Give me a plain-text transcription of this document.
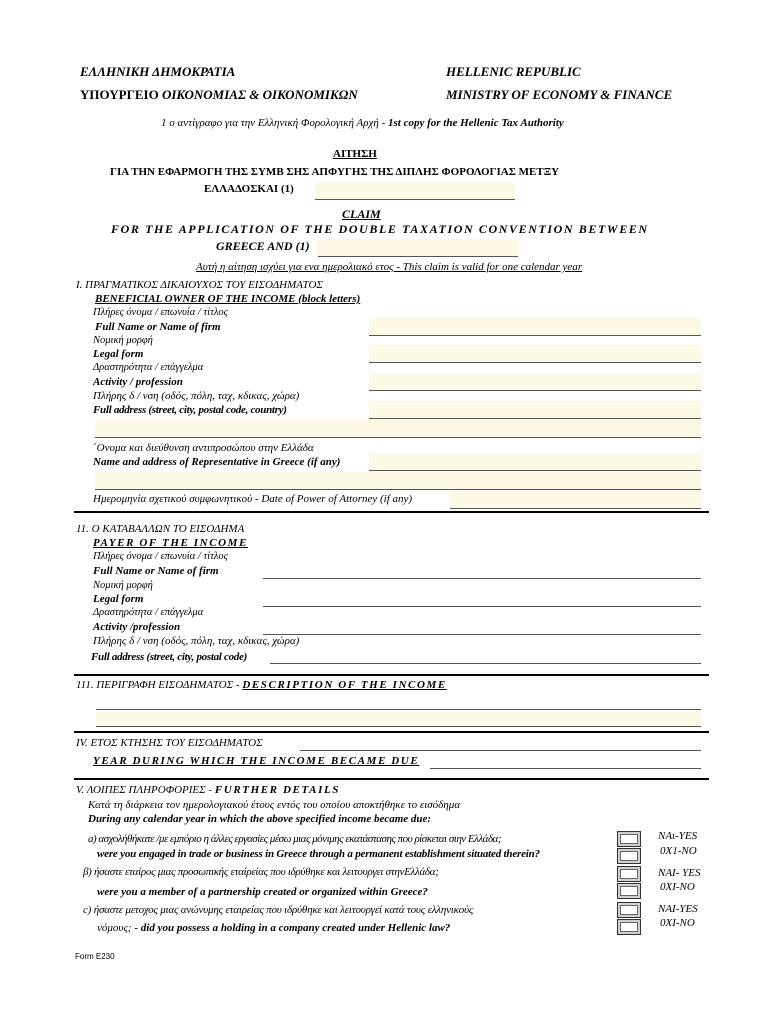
ΕΛΛΗΝΙΚΗ ΔΗΜΟΚΡΑΤΙΑ
ΥΠΟΥΡΓΕΙΟ ΟΙΚΟΝΟΜΙΑΣ & ΟΙΚΟΝΟΜΙΚΩΝ
HELLENIC REPUBLIC
MINISTRY OF ECONOMY & FINANCE
1 ο αντίγραφο για την Ελληνική Φορολογική Αρχή - 1st copy for the Hellenic Tax Authority
ΑΙΤΗΣΗ
ΓΙΑ ΤΗΝ ΕΦΑΡΜΟΓΗ ΤΗΣ ΣΥΜΒ ΣΗΣ ΑΠΦΥΓΗΣ ΤΗΣ ΔΙΠΛΗΣ ΦΟΡΟΛΟΓΙΑΣ ΜΕΤΞΥ
ΕΛΛΑΔΟΣΚΑΙ (1)
CLAIM
FOR THE APPLICATION OF THE DOUBLE TAXATION CONVENTION BETWEEN
GREECE AND (1)
Αυτή η αίτηση ισχύει για ενα ημερολιακό ετος - This claim is valid for one calendar year
Ι. ΠΡΑΓΜΑΤΙΚΟΣ ΔΙΚΑΙΟΥΧΟΣ ΤΟΥ ΕΙΣΟΔΗΜΑΤΟΣ
BENEFICIAL OWNER OF THE INCOME (block letters)
Πλήρες όνομα / επωνυία / τίτλος
Full Name or Name of firm
Νομική μορφή
Legal form
Δραστηρότητα / επάγγελμα
Activity / profession
Πλήρης δ / νση (οδός, πόλη, ταχ, κδικας, χώρα)
Full address (street, city, postal code, country)
΄Ονομα και διεύθυνση αντιπροσώπου στην Ελλάδα
Name and address of Representative in Greece (if any)
Ημερομηνία σχετικού συμφωνητικού - Date of Power of Attorney (if any)
11. Ο ΚΑΤΑΒΑΛΛΩΝ ΤΟ ΕΙΣΟΔΗΜΑ
PAYER OF THE INCOME
Πλήρες όνομα / επωνυία / τίτλος
Full Name or Name of firm
Νομική μορφή
Legal form
Δραστηρότητα / επάγγελμα
Activity /profession
Πλήρης δ / νση (οδός, πόλη, ταχ, κδικας, χώρα)
Full address (street, city, postal code)
111. ΠΕΡΙΓΡΑΦΗ ΕΙΣΟΔΗΜΑΤΟΣ - DESCRIPTION OF THE INCOME
IV. ΕΤΟΣ ΚΤΗΣΗΣ ΤΟΥ ΕΙΣΟΔΗΜΑΤΟΣ
YEAR DURING WHICH THE INCOME BECAME DUE
V. ΛΟΙΠΕΣ ΠΛΗΡΟΦΟΡΙΕΣ - FURTHER DETAILS
Κατά τη διάρκεια τον ημερολογιακού έτους εντός του οποίου αποκτήθηκε το εισόδημα
During any calendar year in which the above specified income became due:
a) ασχολήθήκατε /με εμπόριο η άλλες εργασίες μέσω μιας μόνιμης εκατάστασης που ρίσκεται σιην Ελλάδα;
were you engaged in trade or business in Greece through a permanent establishment situated therein?
NAι-YES
0X1-NO
β) ήσαστε εταίρος μιας προσωπικής εταίρείας που ιδρύθηκε και λειτουργει στηνΕλλάδα;
were you a member of a partnership created or organized within Greece?
NAI- YES
0XI-NO
c) ήσαστε μετοχος μιας ανώνυμης εταιρείας που ιδρύθηκε και λειτουργεί κατά τους ελληνικούς
νόμους; - did you possess a holding in a company created under Hellenic law?
NAI-YES
0XI-NO
Form E230
